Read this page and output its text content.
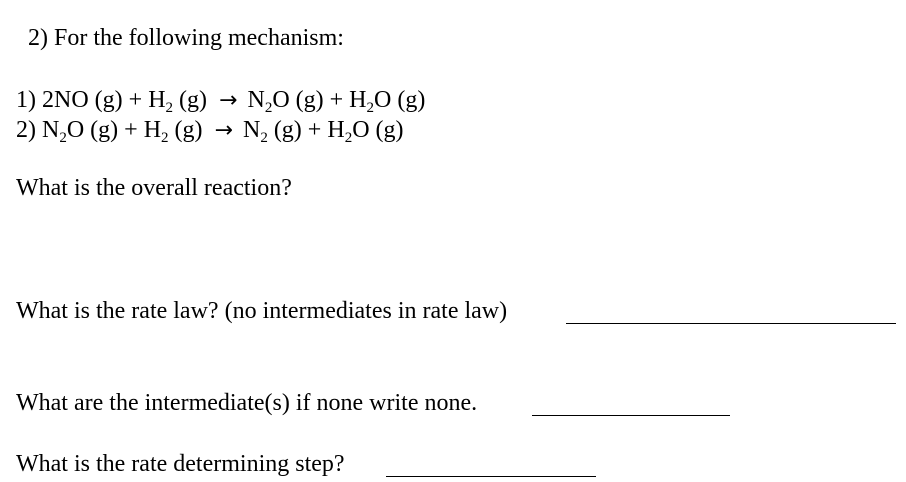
2) For the following mechanism:
1) 2NO $(g) + H_2$ $(g) \to N_2O$ $(g) + H_2O$ (g)
2) $N_2O$ $(g) + H_2$ $(g) \to N_2$ $(g) + H_2O$ (g)
What is the overall reaction?
What is the rate law? (no intermediates in rate law)
What are the intermediate(s) if none write none.
What is the rate determining step?
